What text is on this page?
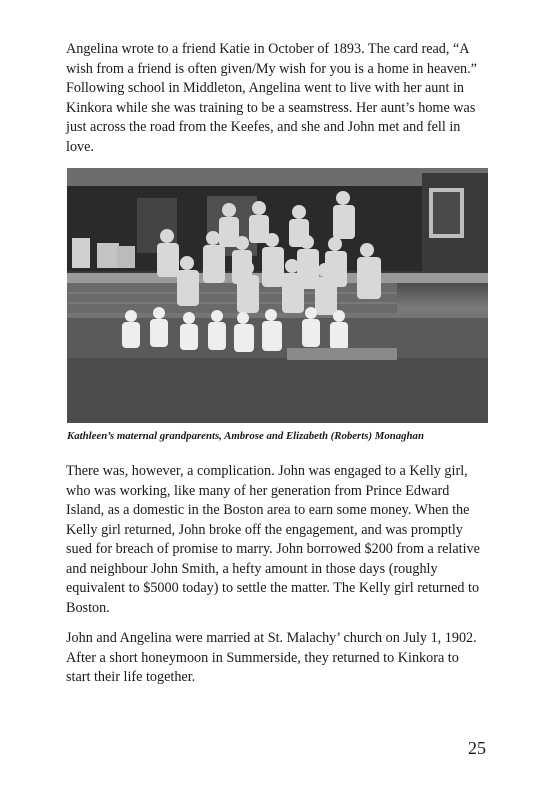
Angelina wrote to a friend Katie in October of 1893. The card read, “A wish from a friend is often given/My wish for you is a home in heaven.” Following school in Middleton, Angelina went to live with her aunt in Kinkora while she was training to be a seamstress. Her aunt’s home was just across the road from the Keefes, and she and John met and fell in love.

Kathleen’s maternal grandparents, Ambrose and Elizabeth (Roberts) Monaghan

There was, however, a complication. John was engaged to a Kelly girl, who was working, like many of her generation from Prince Edward Island, as a domestic in the Boston area to earn some money. When the Kelly girl returned, John broke off the engagement, and was promptly sued for breach of promise to marry. John borrowed $200 from a relative and neighbour John Smith, a hefty amount in those days (roughly equivalent to $5000 today) to settle the matter. The Kelly girl returned to Boston.

John and Angelina were married at St. Malachy’ church on July 1, 1902. After a short honeymoon in Summerside, they returned to Kinkora to start their life together.

25
